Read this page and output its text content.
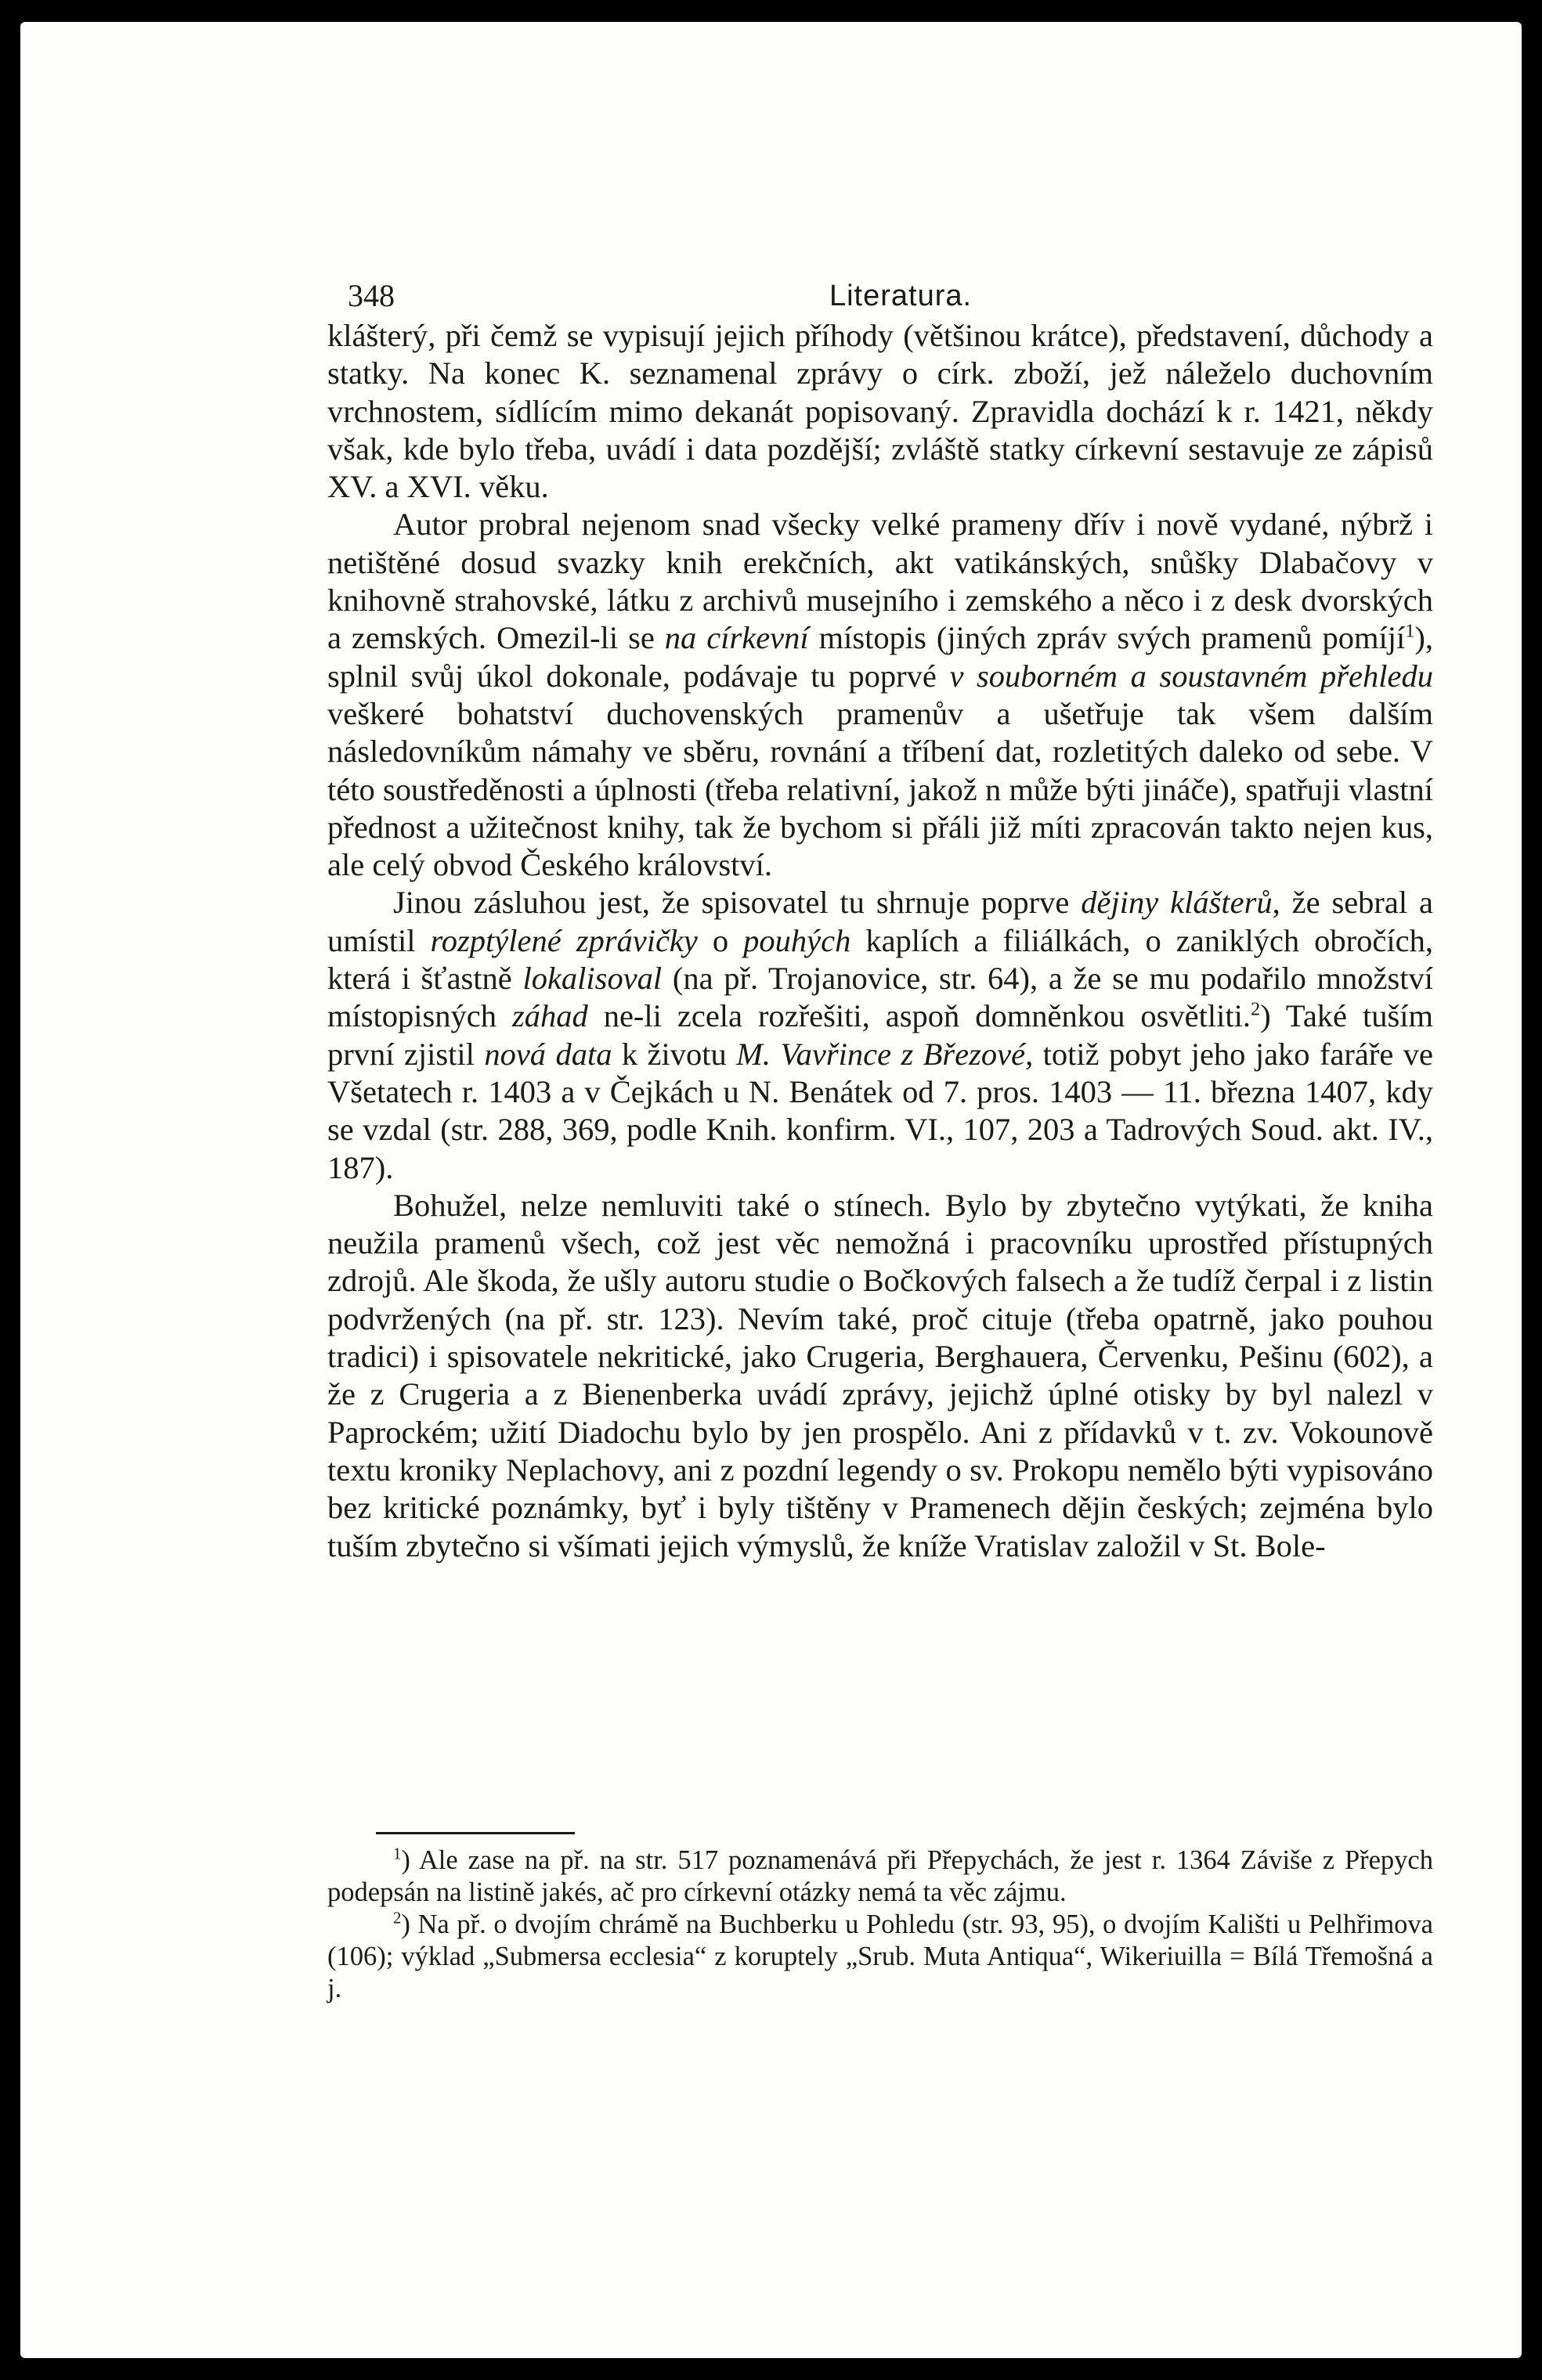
348	Literatura.

klášterý, při čemž se vypisují jejich příhody (většinou krátce), představení, důchody a statky. Na konec K. seznamenal zprávy o círk. zboží, jež náleželo duchovním vrchnostem, sídlícím mimo dekanát popisovaný. Zpravidla dochází k r. 1421, někdy však, kde bylo třeba, uvádí i data pozdější; zvláště statky církevní sestavuje ze zápisů XV. a XVI. věku.

Autor probral nejenom snad všecky velké prameny dřív i nově vydané, nýbrž i netištěné dosud svazky knih erekčních, akt vatikánských, snůšky Dlabačovy v knihovně strahovské, látku z archivů musejního i zemského a něco i z desk dvorských a zemských. Omezil-li se na církevní místopis (jiných zpráv svých pramenů pomíjí$^1$), splnil svůj úkol dokonale, podávaje tu poprvé v souborném a soustavném přehledu veškeré bohatství duchovenských pramenův a ušetřuje tak všem dalším následovníkům námahy ve sběru, rovnání a tříbení dat, rozletitých daleko od sebe. V této soustředěnosti a úplnosti (třeba relativní, jakož n může býti jináče), spatřuji vlastní přednost a užitečnost knihy, tak že bychom si přáli již míti zpracován takto nejen kus, ale celý obvod Českého království.

Jinou zásluhou jest, že spisovatel tu shrnuje poprve dějiny klášterů, že sebral a umístil rozptýlené zprávičky o pouhých kaplích a filiálkách, o zaniklých obročích, která i šťastně lokalisoval (na př. Trojanovice, str. 64), a že se mu podařilo množství místopisných záhad ne-li zcela rozřešiti, aspoň domněnkou osvětliti.$^2$) Také tuším první zjistil nová data k životu M. Vavřince z Březové, totiž pobyt jeho jako faráře ve Všetatech r. 1403 a v Čejkách u N. Benátek od 7. pros. 1403 — 11. března 1407, kdy se vzdal (str. 288, 369, podle Knih. konfirm. VI., 107, 203 a Tadrových Soud. akt. IV., 187).

Bohužel, nelze nemluviti také o stínech. Bylo by zbytečno vytýkati, že kniha neužila pramenů všech, což jest věc nemožná i pracovníku uprostřed přístupných zdrojů. Ale škoda, že ušly autoru studie o Bočkových falsech a že tudíž čerpal i z listin podvržených (na př. str. 123). Nevím také, proč cituje (třeba opatrně, jako pouhou tradici) i spisovatele nekritické, jako Crugeria, Berghauera, Červenku, Pešinu (602), a že z Crugeria a z Bienenberka uvádí zprávy, jejichž úplné otisky by byl nalezl v Paprockém; užití Diadochu bylo by jen prospělo. Ani z přídavků v t. zv. Vokounově textu kroniky Neplachovy, ani z pozdní legendy o sv. Prokopu nemělo býti vypisováno bez kritické poznámky, byť i byly tištěny v Pramenech dějin českých; zejména bylo tuším zbytečno si všímati jejich výmyslů, že kníže Vratislav založil v St. Bole-

$^1$) Ale zase na př. na str. 517 poznamenává při Přepychách, že jest r. 1364 Záviše z Přepych podepsán na listině jakés, ač pro církevní otázky nemá ta věc zájmu.

$^2$) Na př. o dvojím chrámě na Buchberku u Pohledu (str. 93, 95), o dvojím Kališti u Pelhřimova (106); výklad „Submersa ecclesia“ z koruptely „Srub. Muta Antiqua“, Wikeriuilla = Bílá Třemošná a j.
